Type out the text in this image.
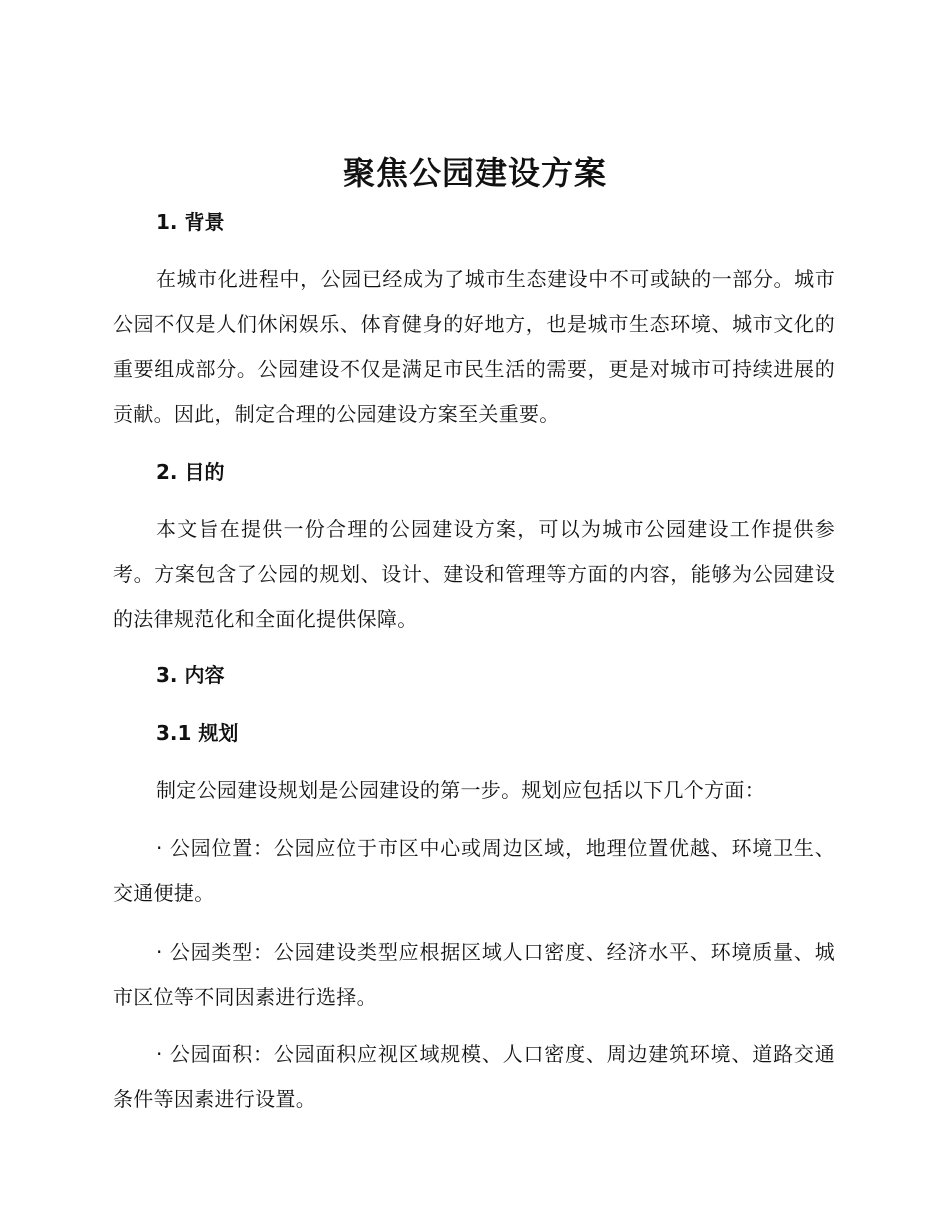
聚焦公园建设方案
1. 背景
在城市化进程中，公园已经成为了城市生态建设中不可或缺的一部分。城市公园不仅是人们休闲娱乐、体育健身的好地方，也是城市生态环境、城市文化的重要组成部分。公园建设不仅是满足市民生活的需要，更是对城市可持续进展的贡献。因此，制定合理的公园建设方案至关重要。
2. 目的
本文旨在提供一份合理的公园建设方案，可以为城市公园建设工作提供参考。方案包含了公园的规划、设计、建设和管理等方面的内容，能够为公园建设的法律规范化和全面化提供保障。
3. 内容
3.1 规划
制定公园建设规划是公园建设的第一步。规划应包括以下几个方面：
· 公园位置：公园应位于市区中心或周边区域，地理位置优越、环境卫生、交通便捷。
· 公园类型：公园建设类型应根据区域人口密度、经济水平、环境质量、城市区位等不同因素进行选择。
· 公园面积：公园面积应视区域规模、人口密度、周边建筑环境、道路交通条件等因素进行设置。
